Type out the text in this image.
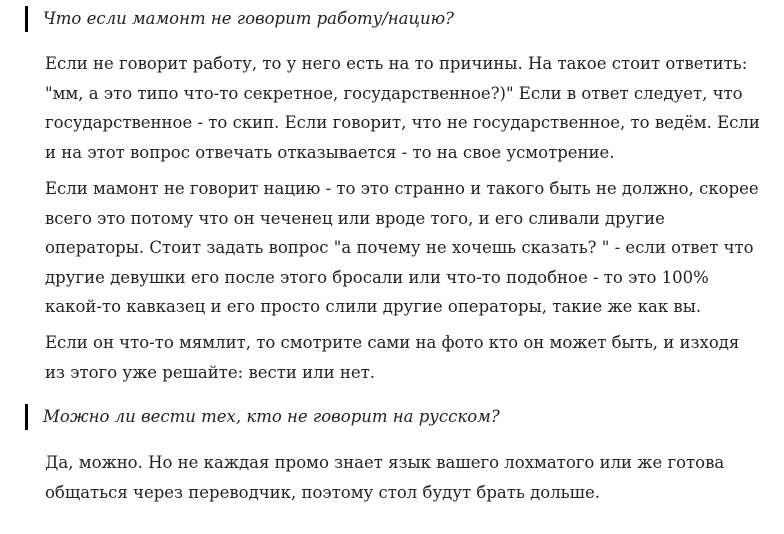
Что если мамонт не говорит работу/нацию?
Если не говорит работу, то у него есть на то причины. На такое стоит ответить:
"мм, а это типо что-то секретное, государственное?)" Если в ответ следует, что
государственное - то скип. Если говорит, что не государственное, то ведём. Если
и на этот вопрос отвечать отказывается - то на свое усмотрение.
Если мамонт не говорит нацию - то это странно и такого быть не должно, скорее
всего это потому что он чеченец или вроде того, и его сливали другие
операторы. Стоит задать вопрос "а почему не хочешь сказать? " - если ответ что
другие девушки его после этого бросали или что-то подобное - то это 100%
какой-то кавказец и его просто слили другие операторы, такие же как вы.
Если он что-то мямлит, то смотрите сами на фото кто он может быть, и изходя
из этого уже решайте: вести или нет.
Можно ли вести тех, кто не говорит на русском?
Да, можно. Но не каждая промо знает язык вашего лохматого или же готова
общаться через переводчик, поэтому стол будут брать дольше.
